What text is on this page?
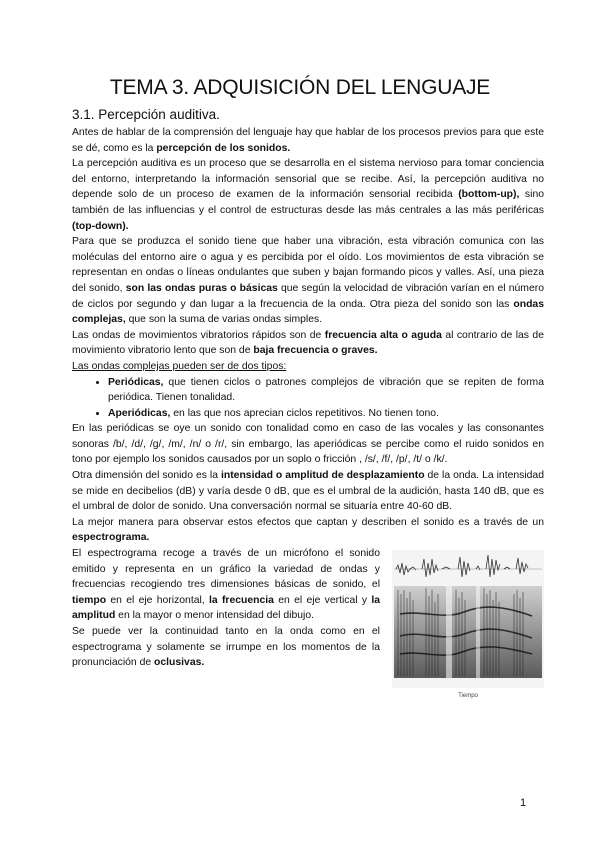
TEMA 3. ADQUISICIÓN DEL LENGUAJE
3.1. Percepción auditiva.

Antes de hablar de la comprensión del lenguaje hay que hablar de los procesos previos para que este se dé, como es la percepción de los sonidos.

La percepción auditiva es un proceso que se desarrolla en el sistema nervioso para tomar conciencia del entorno, interpretando la información sensorial que se recibe. Así, la percepción auditiva no depende solo de un proceso de examen de la información sensorial recibida (bottom-up), sino también de las influencias y el control de estructuras desde las más centrales a las más periféricas (top-down).

Para que se produzca el sonido tiene que haber una vibración, esta vibración comunica con las moléculas del entorno aire o agua y es percibida por el oído. Los movimientos de esta vibración se representan en ondas o líneas ondulantes que suben y bajan formando picos y valles. Así, una pieza del sonido, son las ondas puras o básicas que según la velocidad de vibración varían en el número de ciclos por segundo y dan lugar a la frecuencia de la onda. Otra pieza del sonido son las ondas complejas, que son la suma de varias ondas simples.

Las ondas de movimientos vibratorios rápidos son de frecuencia alta o aguda al contrario de las de movimiento vibratorio lento que son de baja frecuencia o graves.

Las ondas complejas pueden ser de dos tipos:

• Periódicas, que tienen ciclos o patrones complejos de vibración que se repiten de forma periódica. Tienen tonalidad.
• Aperiódicas, en las que nos aprecian ciclos repetitivos. No tienen tono.

En las periódicas se oye un sonido con tonalidad como en caso de las vocales y las consonantes sonoras /b/, /d/, /g/, /m/, /n/ o /r/, sin embargo, las aperiódicas se percibe como el ruido sonidos en tono por ejemplo los sonidos causados por un soplo o fricción , /s/, /f/, /p/, /t/ o /k/.

Otra dimensión del sonido es la intensidad o amplitud de desplazamiento de la onda. La intensidad se mide en decibelios (dB) y varía desde 0 dB, que es el umbral de la audición, hasta 140 dB, que es el umbral de dolor de sonido. Una conversación normal se situaría entre 40-60 dB.

La mejor manera para observar estos efectos que captan y describen el sonido es a través de un espectrograma.

El espectrograma recoge a través de un micrófono el sonido emitido y representa en un gráfico la variedad de ondas y frecuencias recogiendo tres dimensiones básicas de sonido, el tiempo en el eje horizontal, la frecuencia en el eje vertical y la amplitud en la mayor o menor intensidad del dibujo.

Se puede ver la continuidad tanto en la onda como en el espectrograma y solamente se irrumpe en los momentos de la pronunciación de oclusivas.

Tiempo
1
